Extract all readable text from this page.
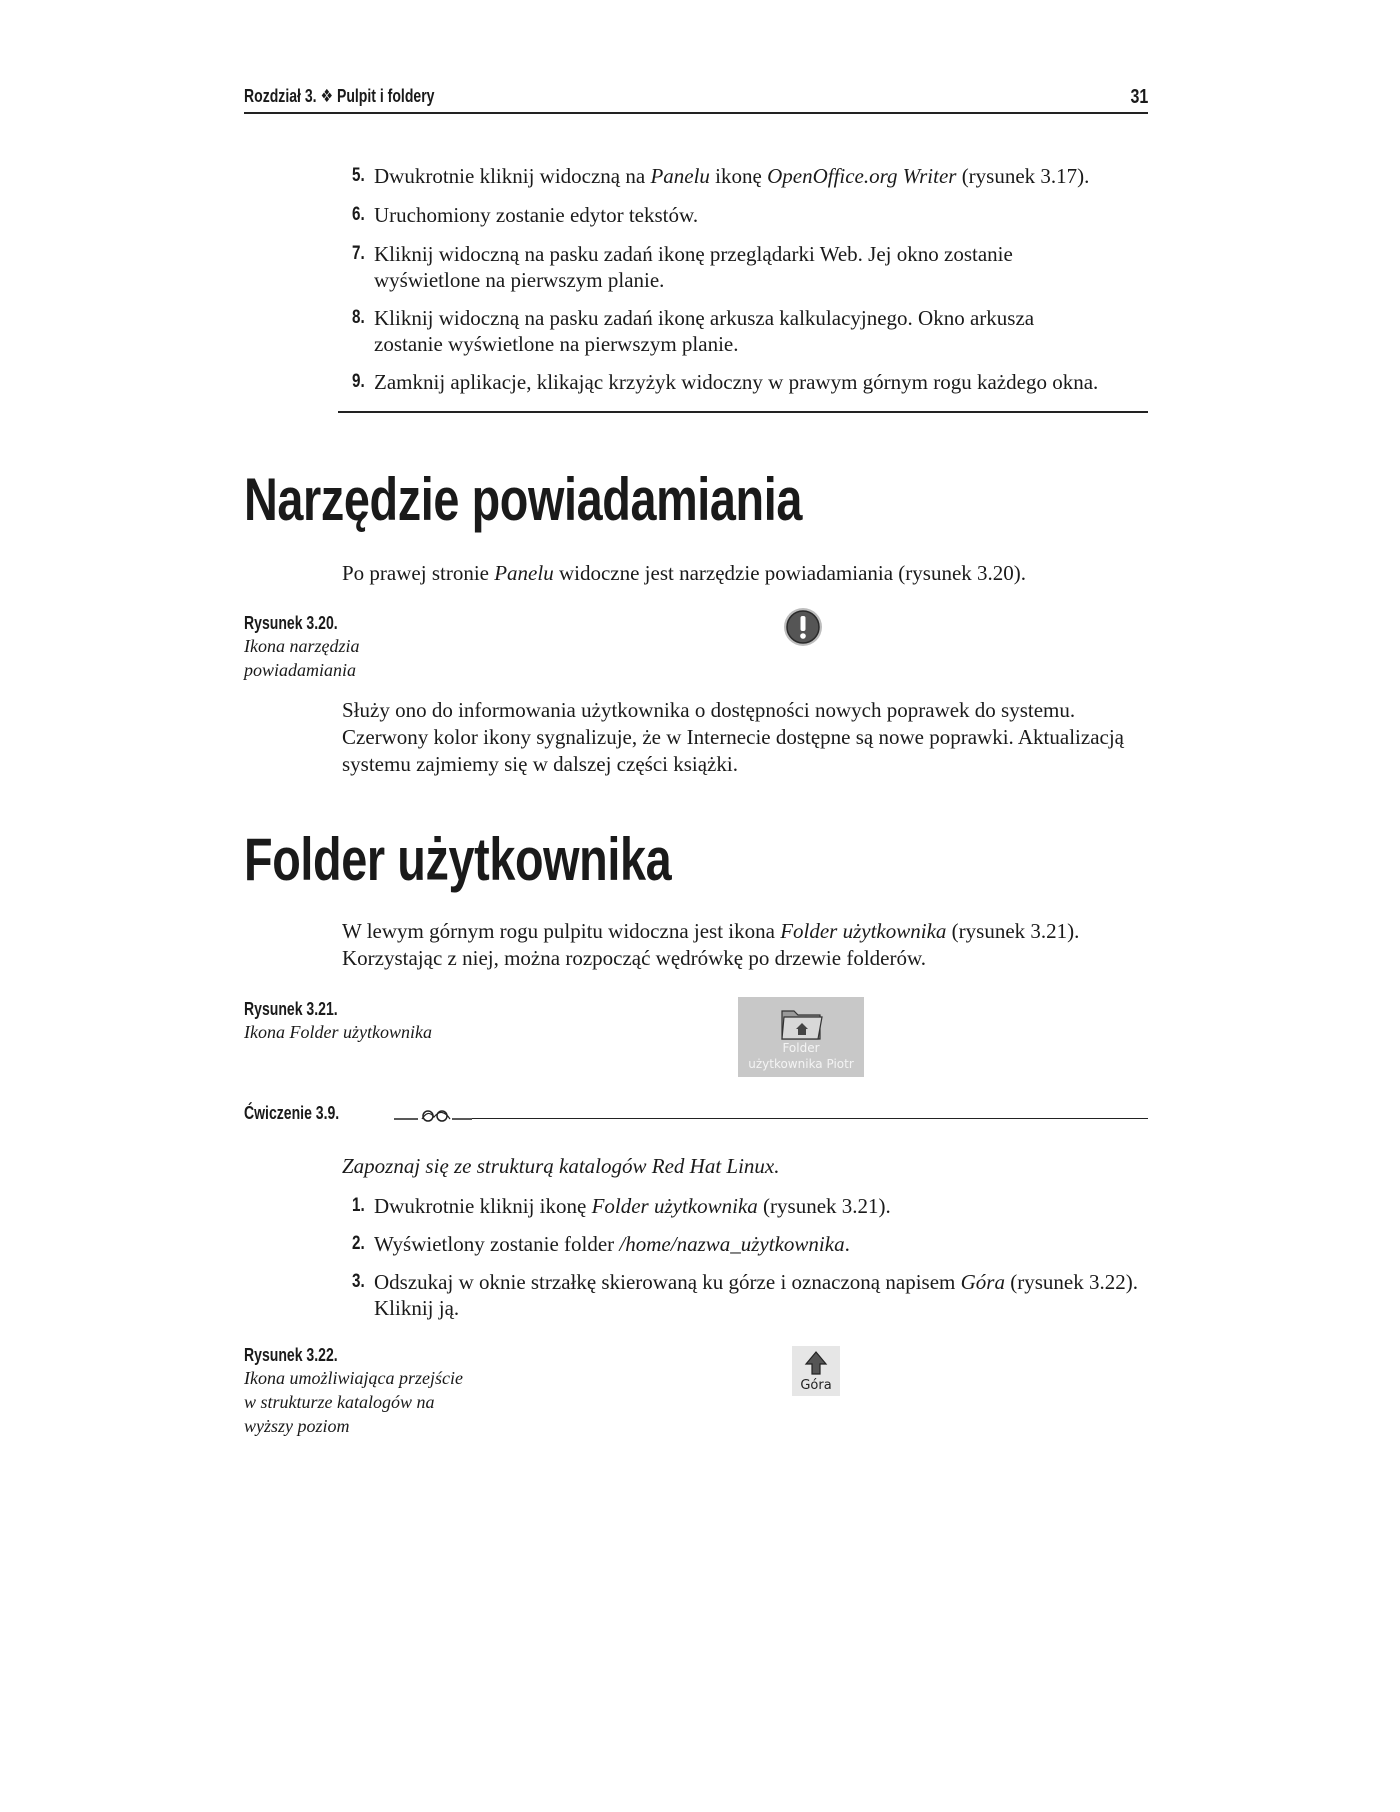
Rozdział 3. ❖ Pulpit i foldery	31
5. Dwukrotnie kliknij widoczną na Panelu ikonę OpenOffice.org Writer (rysunek 3.17).
6. Uruchomiony zostanie edytor tekstów.
7. Kliknij widoczną na pasku zadań ikonę przeglądarki Web. Jej okno zostanie wyświetlone na pierwszym planie.
8. Kliknij widoczną na pasku zadań ikonę arkusza kalkulacyjnego. Okno arkusza zostanie wyświetlone na pierwszym planie.
9. Zamknij aplikacje, klikając krzyżyk widoczny w prawym górnym rogu każdego okna.
Narzędzie powiadamiania
Po prawej stronie Panelu widoczne jest narzędzie powiadamiania (rysunek 3.20).
Rysunek 3.20.
Ikona narzędzia powiadamiania
Służy ono do informowania użytkownika o dostępności nowych poprawek do systemu. Czerwony kolor ikony sygnalizuje, że w Internecie dostępne są nowe poprawki. Aktualizacją systemu zajmiemy się w dalszej części książki.
Folder użytkownika
W lewym górnym rogu pulpitu widoczna jest ikona Folder użytkownika (rysunek 3.21). Korzystając z niej, można rozpocząć wędrówkę po drzewie folderów.
Rysunek 3.21.
Ikona Folder użytkownika
Folder
użytkownika Piotr
Ćwiczenie 3.9.
Zapoznaj się ze strukturą katalogów Red Hat Linux.
1. Dwukrotnie kliknij ikonę Folder użytkownika (rysunek 3.21).
2. Wyświetlony zostanie folder /home/nazwa_użytkownika.
3. Odszukaj w oknie strzałkę skierowaną ku górze i oznaczoną napisem Góra (rysunek 3.22). Kliknij ją.
Rysunek 3.22.
Ikona umożliwiająca przejście w strukturze katalogów na wyższy poziom
Góra
